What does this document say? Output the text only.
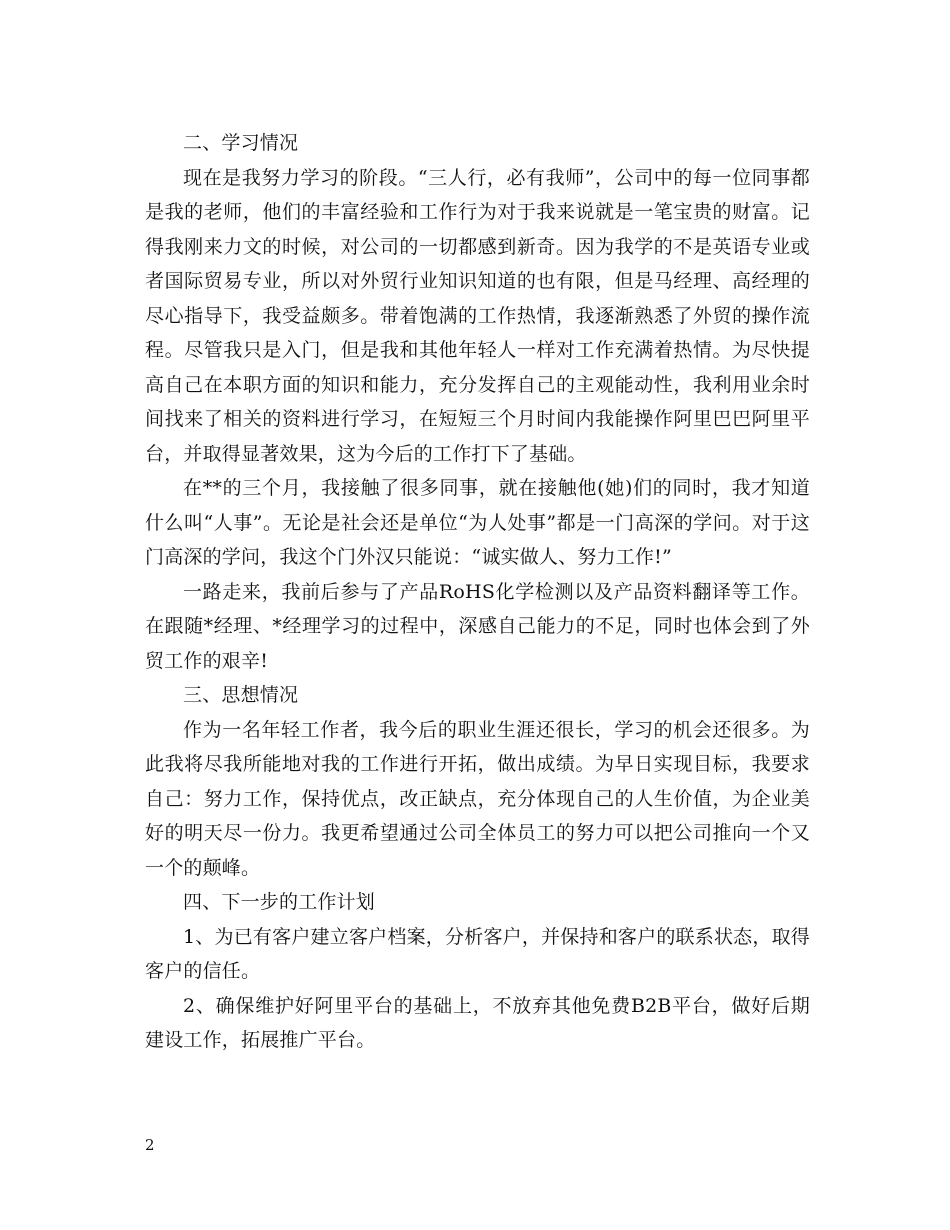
二、学习情况

现在是我努力学习的阶段。“三人行，必有我师”，公司中的每一位同事都是我的老师，他们的丰富经验和工作行为对于我来说就是一笔宝贵的财富。记得我刚来力文的时候，对公司的一切都感到新奇。因为我学的不是英语专业或者国际贸易专业，所以对外贸行业知识知道的也有限，但是马经理、高经理的尽心指导下，我受益颇多。带着饱满的工作热情，我逐渐熟悉了外贸的操作流程。尽管我只是入门，但是我和其他年轻人一样对工作充满着热情。为尽快提高自己在本职方面的知识和能力，充分发挥自己的主观能动性，我利用业余时间找来了相关的资料进行学习，在短短三个月时间内我能操作阿里巴巴阿里平台，并取得显著效果，这为今后的工作打下了基础。

在**的三个月，我接触了很多同事，就在接触他(她)们的同时，我才知道什么叫“人事”。无论是社会还是单位“为人处事”都是一门高深的学问。对于这门高深的学问，我这个门外汉只能说：“诚实做人、努力工作!”

一路走来，我前后参与了产品RoHS化学检测以及产品资料翻译等工作。在跟随*经理、*经理学习的过程中，深感自己能力的不足，同时也体会到了外贸工作的艰辛!

三、思想情况

作为一名年轻工作者，我今后的职业生涯还很长，学习的机会还很多。为此我将尽我所能地对我的工作进行开拓，做出成绩。为早日实现目标，我要求自己：努力工作，保持优点，改正缺点，充分体现自己的人生价值，为企业美好的明天尽一份力。我更希望通过公司全体员工的努力可以把公司推向一个又一个的颠峰。

四、下一步的工作计划

1、为已有客户建立客户档案，分析客户，并保持和客户的联系状态，取得客户的信任。

2、确保维护好阿里平台的基础上，不放弃其他免费B2B平台，做好后期建设工作，拓展推广平台。

2
